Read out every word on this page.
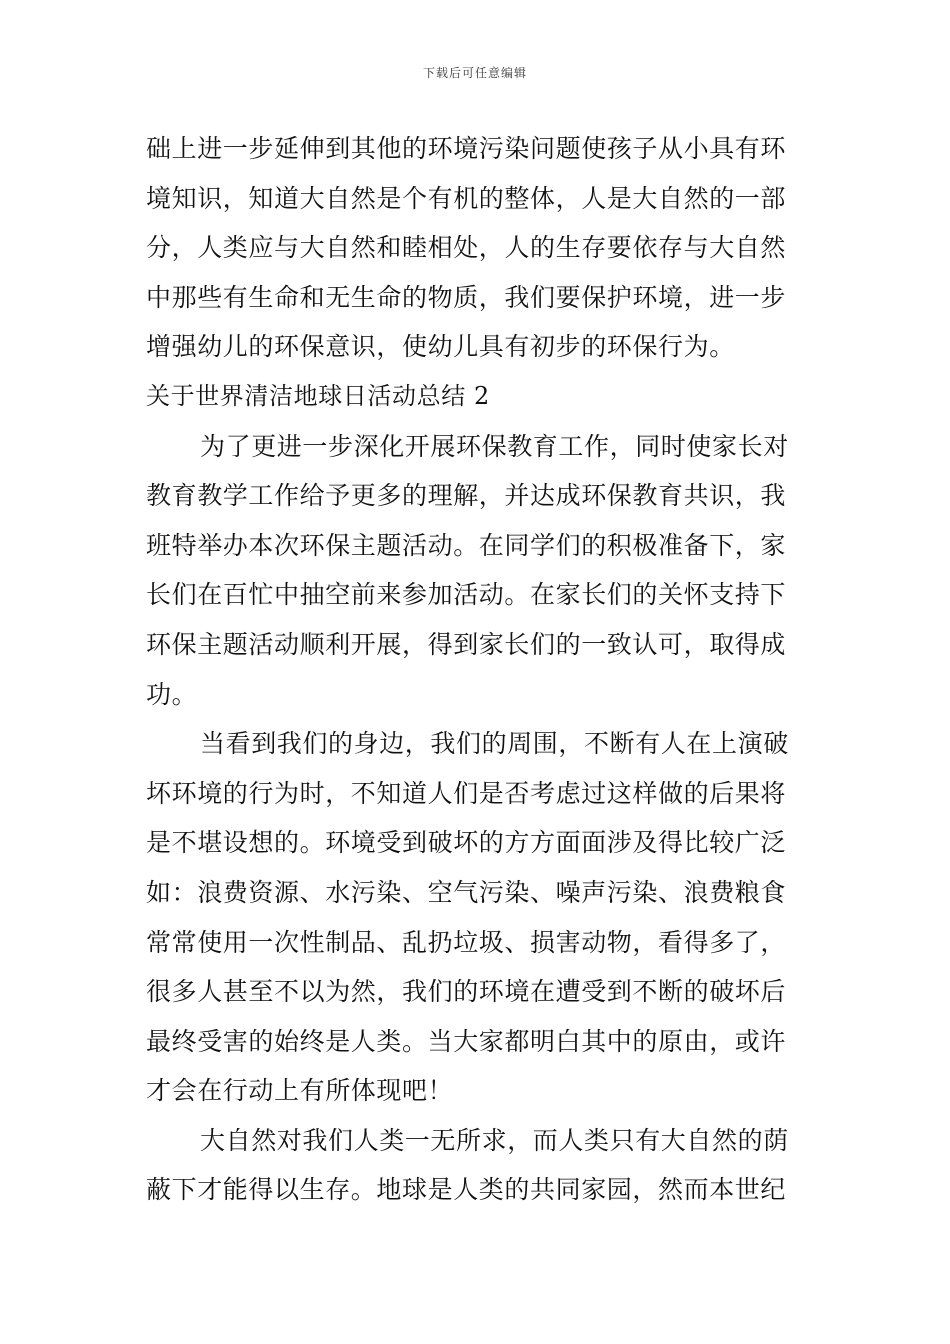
下载后可任意编辑
础上进一步延伸到其他的环境污染问题使孩子从小具有环
境知识，知道大自然是个有机的整体，人是大自然的一部
分，人类应与大自然和睦相处，人的生存要依存与大自然
中那些有生命和无生命的物质，我们要保护环境，进一步
增强幼儿的环保意识，使幼儿具有初步的环保行为。
关于世界清洁地球日活动总结 2
为了更进一步深化开展环保教育工作，同时使家长对
教育教学工作给予更多的理解，并达成环保教育共识，我
班特举办本次环保主题活动。在同学们的积极准备下，家
长们在百忙中抽空前来参加活动。在家长们的关怀支持下
环保主题活动顺利开展，得到家长们的一致认可，取得成
功。
当看到我们的身边，我们的周围，不断有人在上演破
坏环境的行为时，不知道人们是否考虑过这样做的后果将
是不堪设想的。环境受到破坏的方方面面涉及得比较广泛
如：浪费资源、水污染、空气污染、噪声污染、浪费粮食
常常使用一次性制品、乱扔垃圾、损害动物，看得多了，
很多人甚至不以为然，我们的环境在遭受到不断的破坏后
最终受害的始终是人类。当大家都明白其中的原由，或许
才会在行动上有所体现吧！
大自然对我们人类一无所求，而人类只有大自然的荫
蔽下才能得以生存。地球是人类的共同家园，然而本世纪
